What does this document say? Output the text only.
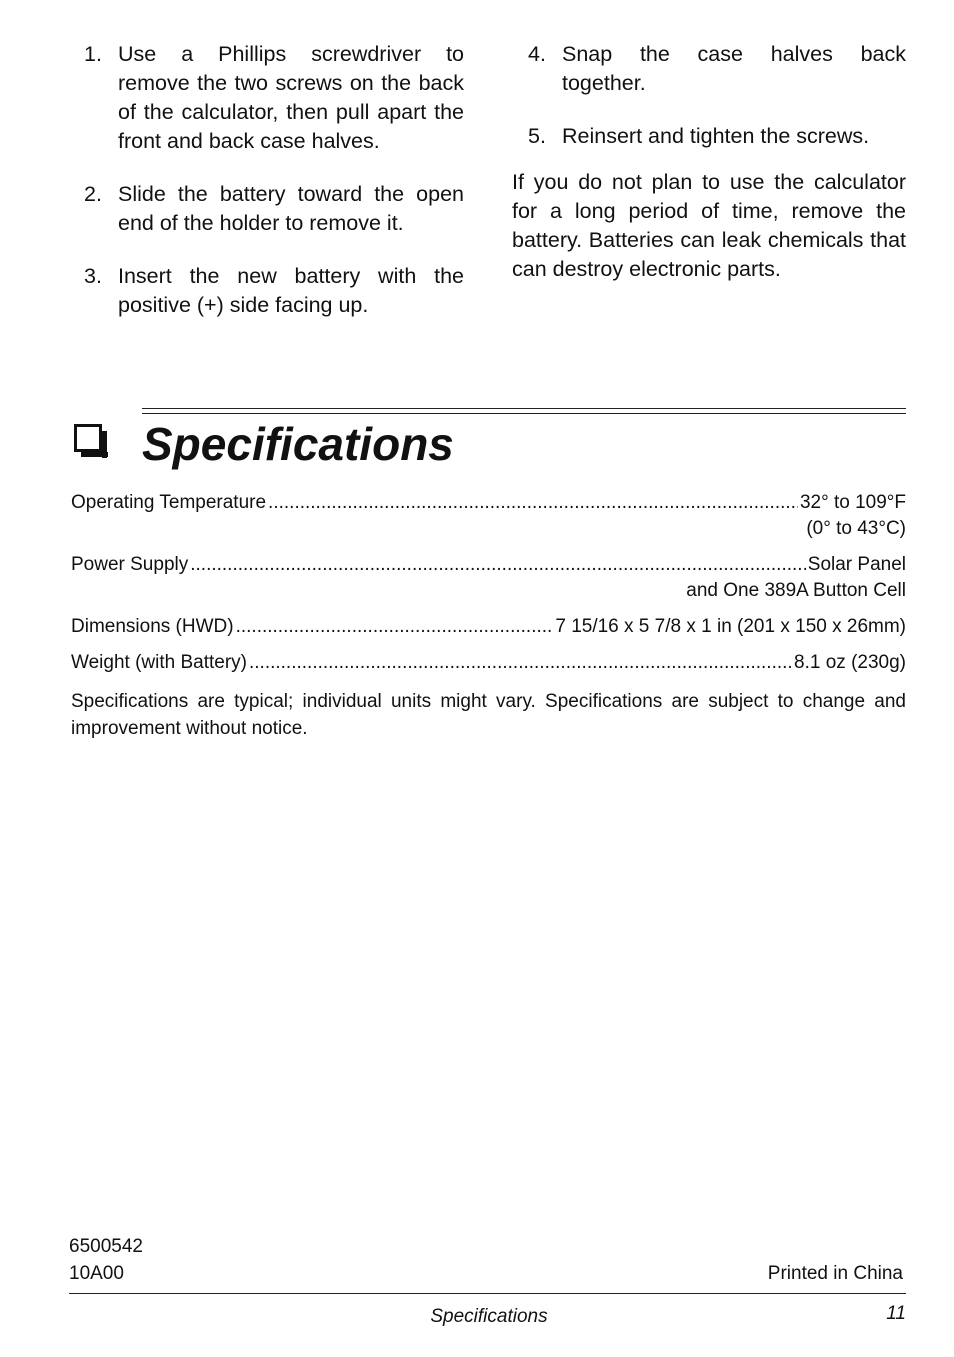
1. Use a Phillips screwdriver to remove the two screws on the back of the calculator, then pull apart the front and back case halves.
2. Slide the battery toward the open end of the holder to remove it.
3. Insert the new battery with the positive (+) side facing up.
4. Snap the case halves back together.
5. Reinsert and tighten the screws.
If you do not plan to use the calculator for a long period of time, remove the battery. Batteries can leak chemicals that can destroy electronic parts.
Specifications
Operating Temperature .....	32° to 109°F
(0° to 43°C)
Power Supply .....	Solar Panel
and One 389A Button Cell
Dimensions (HWD) .....	7 15/16 x 5 7/8 x 1 in (201 x 150 x 26mm)
Weight (with Battery) .....	8.1 oz (230g)
Specifications are typical; individual units might vary. Specifications are subject to change and improvement without notice.
6500542
10A00	Printed in China
Specifications	11
